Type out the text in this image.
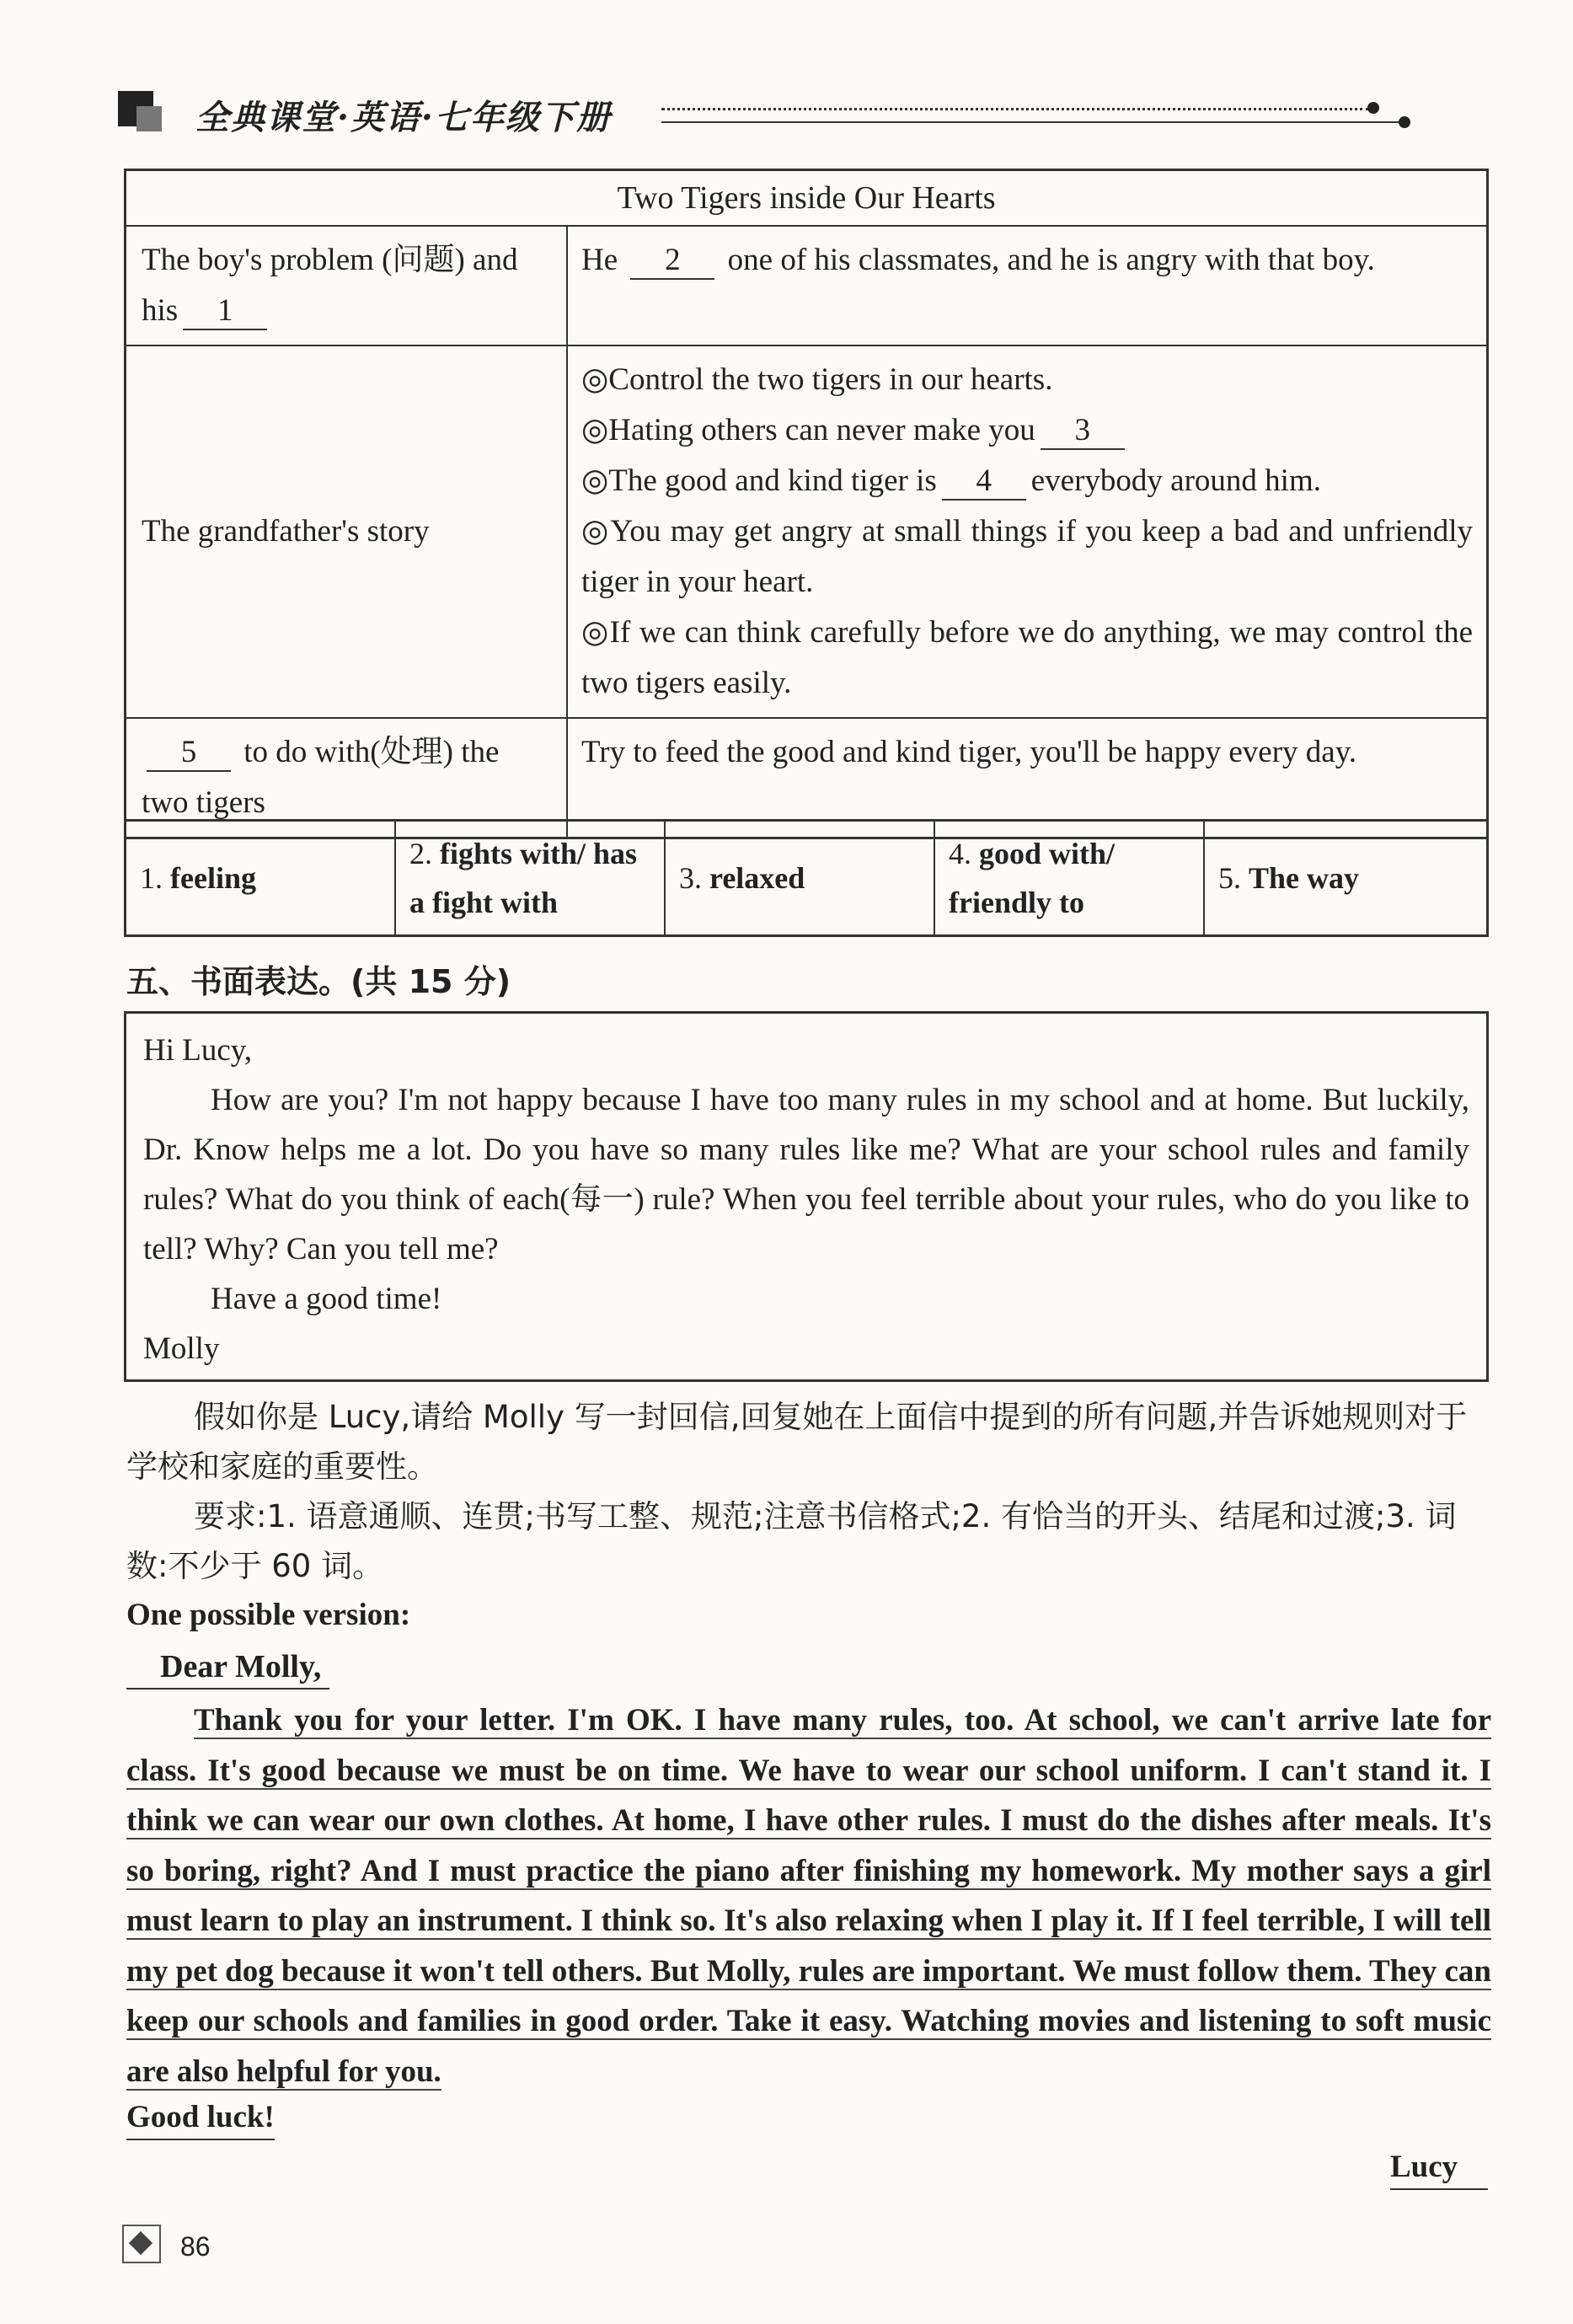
全典课堂·英语·七年级下册
Two Tigers inside Our Hearts
The boy's problem (问题) and his 1
He 2 one of his classmates, and he is angry with that boy.
The grandfather's story
◎Control the two tigers in our hearts.
◎Hating others can never make you 3
◎The good and kind tiger is 4 everybody around him.
◎You may get angry at small things if you keep a bad and unfriendly tiger in your heart.
◎If we can think carefully before we do anything, we may control the two tigers easily.
5 to do with(处理) the two tigers
Try to feed the good and kind tiger, you'll be happy every day.
1.
feeling
2. fights with/ has a fight with
3.
relaxed
4. good with/ friendly to
5.
The way
五、书面表达。(共 15 分)

Hi Lucy,

How are you? I'm not happy because I have too many rules in my school and at home. But luckily, Dr. Know helps me a lot. Do you have so many rules like me? What are your school rules and family rules? What do you think of each(每一) rule? When you feel terrible about your rules, who do you like to tell? Why? Can you tell me?

Have a good time!

Molly

假如你是 Lucy,请给 Molly 写一封回信,回复她在上面信中提到的所有问题,并告诉她规则对于学校和家庭的重要性。

要求:1. 语意通顺、连贯;书写工整、规范;注意书信格式;2. 有恰当的开头、结尾和过渡;3. 词数:不少于 60 词。

One possible version:
Dear Molly,

Thank you for your letter. I'm OK. I have many rules, too. At school, we can't arrive late for class. It's good because we must be on time. We have to wear our school uniform. I can't stand it. I think we can wear our own clothes. At home, I have other rules. I must do the dishes after meals. It's so boring, right? And I must practice the piano after finishing my homework. My mother says a girl must learn to play an instrument. I think so. It's also relaxing when I play it. If I feel terrible, I will tell my pet dog because it won't tell others. But Molly, rules are important. We must follow them. They can keep our schools and families in good order. Take it easy. Watching movies and listening to soft music are also helpful for you.

Good luck!
Lucy
86
